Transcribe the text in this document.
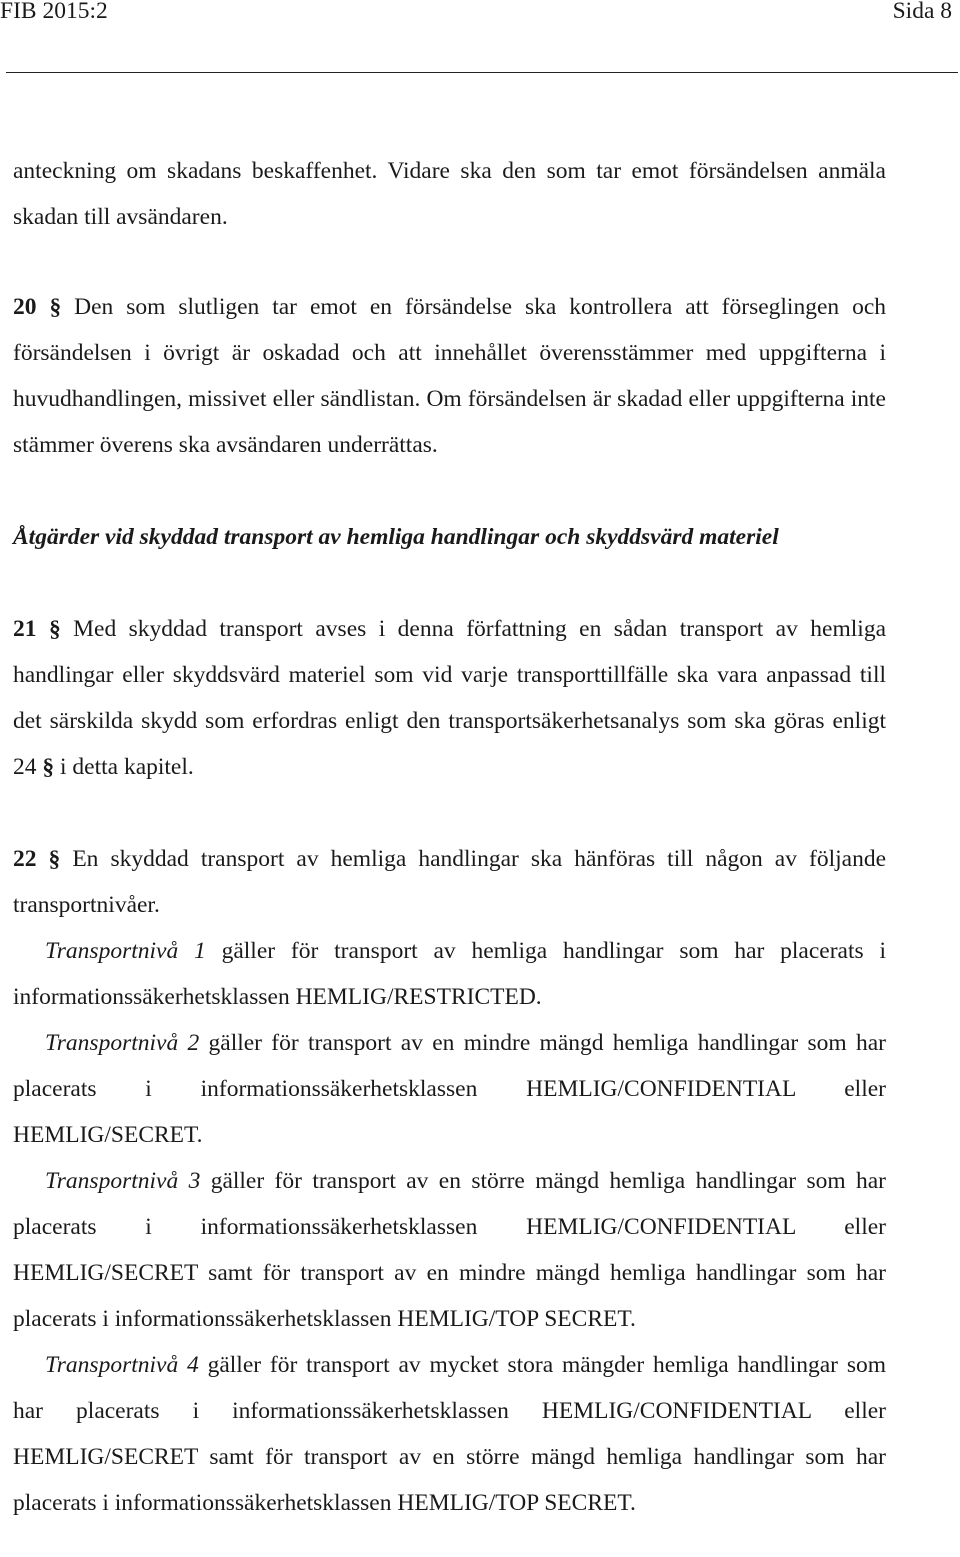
FIB 2015:2	Sida 8

anteckning om skadans beskaffenhet. Vidare ska den som tar emot försändelsen anmäla skadan till avsändaren.

20 § Den som slutligen tar emot en försändelse ska kontrollera att förseglingen och försändelsen i övrigt är oskadad och att innehållet överensstämmer med uppgifterna i huvudhandlingen, missivet eller sändlistan. Om försändelsen är skadad eller uppgifterna inte stämmer överens ska avsändaren underrättas.

Åtgärder vid skyddad transport av hemliga handlingar och skyddsvärd materiel

21 § Med skyddad transport avses i denna författning en sådan transport av hemliga handlingar eller skyddsvärd materiel som vid varje transporttillfälle ska vara anpassad till det särskilda skydd som erfordras enligt den transportsäkerhetsanalys som ska göras enligt 24 § i detta kapitel.

22 § En skyddad transport av hemliga handlingar ska hänföras till någon av följande transportnivåer.

Transportnivå 1 gäller för transport av hemliga handlingar som har placerats i informationssäkerhetsklassen HEMLIG/RESTRICTED.

Transportnivå 2 gäller för transport av en mindre mängd hemliga handlingar som har placerats i informationssäkerhetsklassen HEMLIG/CONFIDENTIAL eller HEMLIG/SECRET.

Transportnivå 3 gäller för transport av en större mängd hemliga handlingar som har placerats i informationssäkerhetsklassen HEMLIG/CONFIDENTIAL eller HEMLIG/SECRET samt för transport av en mindre mängd hemliga handlingar som har placerats i informationssäkerhetsklassen HEMLIG/TOP SECRET.

Transportnivå 4 gäller för transport av mycket stora mängder hemliga handlingar som har placerats i informationssäkerhetsklassen HEMLIG/CONFIDENTIAL eller HEMLIG/SECRET samt för transport av en större mängd hemliga handlingar som har placerats i informationssäkerhetsklassen HEMLIG/TOP SECRET.
